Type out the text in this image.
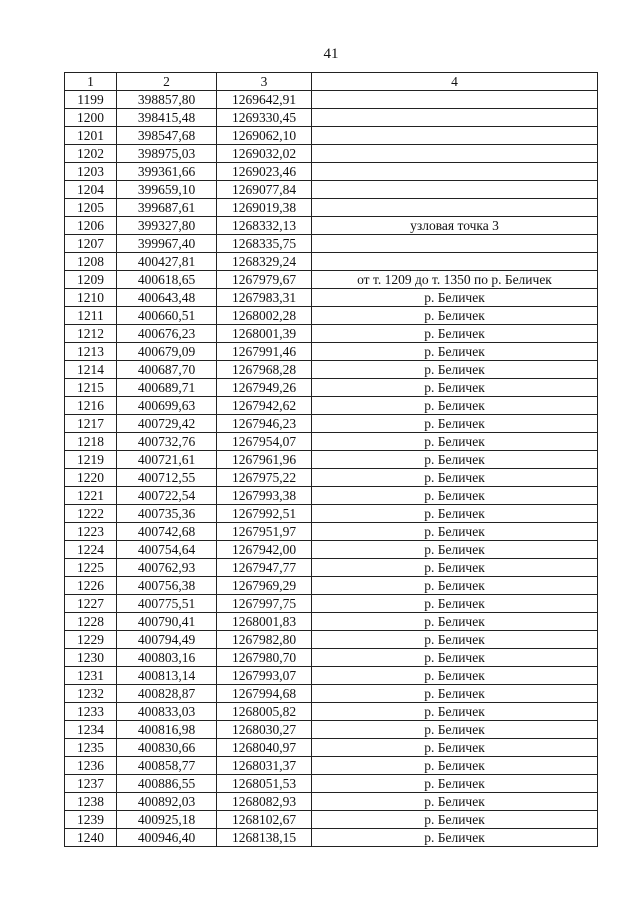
41
1	2	3	4
1199	398857,80	1269642,91	
1200	398415,48	1269330,45	
1201	398547,68	1269062,10	
1202	398975,03	1269032,02	
1203	399361,66	1269023,46	
1204	399659,10	1269077,84	
1205	399687,61	1269019,38	
1206	399327,80	1268332,13	узловая точка 3
1207	399967,40	1268335,75	
1208	400427,81	1268329,24	
1209	400618,65	1267979,67	от т. 1209 до т. 1350 по р. Беличек
1210	400643,48	1267983,31	р. Беличек
1211	400660,51	1268002,28	р. Беличек
1212	400676,23	1268001,39	р. Беличек
1213	400679,09	1267991,46	р. Беличек
1214	400687,70	1267968,28	р. Беличек
1215	400689,71	1267949,26	р. Беличек
1216	400699,63	1267942,62	р. Беличек
1217	400729,42	1267946,23	р. Беличек
1218	400732,76	1267954,07	р. Беличек
1219	400721,61	1267961,96	р. Беличек
1220	400712,55	1267975,22	р. Беличек
1221	400722,54	1267993,38	р. Беличек
1222	400735,36	1267992,51	р. Беличек
1223	400742,68	1267951,97	р. Беличек
1224	400754,64	1267942,00	р. Беличек
1225	400762,93	1267947,77	р. Беличек
1226	400756,38	1267969,29	р. Беличек
1227	400775,51	1267997,75	р. Беличек
1228	400790,41	1268001,83	р. Беличек
1229	400794,49	1267982,80	р. Беличек
1230	400803,16	1267980,70	р. Беличек
1231	400813,14	1267993,07	р. Беличек
1232	400828,87	1267994,68	р. Беличек
1233	400833,03	1268005,82	р. Беличек
1234	400816,98	1268030,27	р. Беличек
1235	400830,66	1268040,97	р. Беличек
1236	400858,77	1268031,37	р. Беличек
1237	400886,55	1268051,53	р. Беличек
1238	400892,03	1268082,93	р. Беличек
1239	400925,18	1268102,67	р. Беличек
1240	400946,40	1268138,15	р. Беличек
